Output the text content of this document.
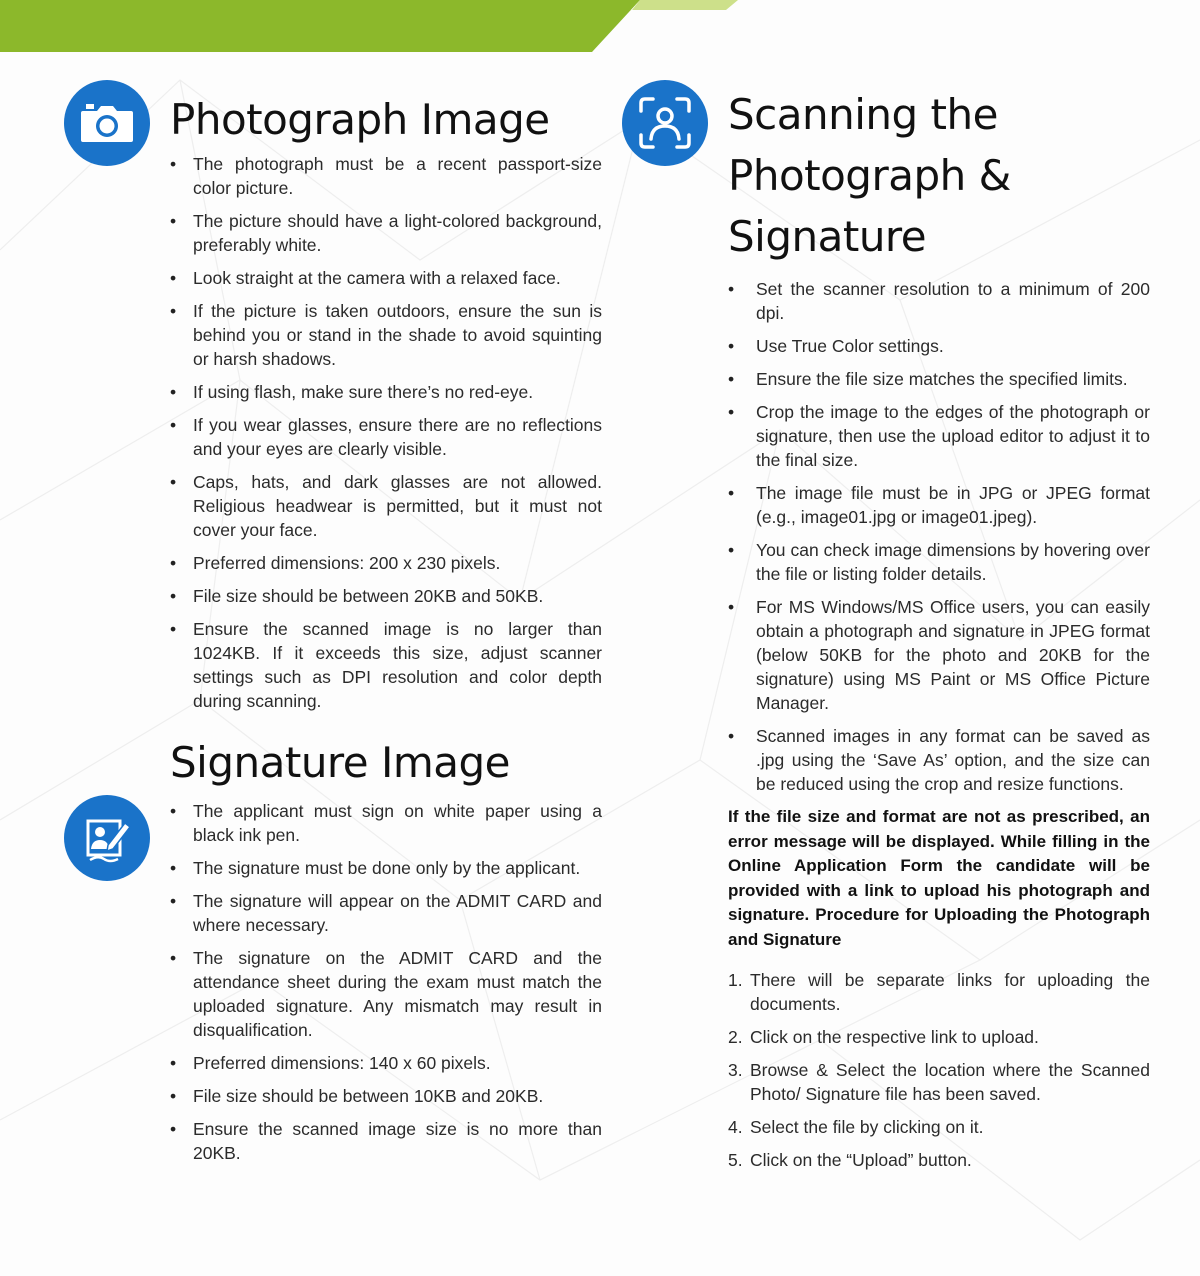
Photograph Image
• The photograph must be a recent passport-size color picture.
• The picture should have a light-colored background, preferably white.
• Look straight at the camera with a relaxed face.
• If the picture is taken outdoors, ensure the sun is behind you or stand in the shade to avoid squinting or harsh shadows.
• If using flash, make sure there’s no red-eye.
• If you wear glasses, ensure there are no reflections and your eyes are clearly visible.
• Caps, hats, and dark glasses are not allowed. Religious headwear is permitted, but it must not cover your face.
• Preferred dimensions: 200 x 230 pixels.
• File size should be between 20KB and 50KB.
• Ensure the scanned image is no larger than 1024KB. If it exceeds this size, adjust scanner settings such as DPI resolution and color depth during scanning.
Signature Image
• The applicant must sign on white paper using a black ink pen.
• The signature must be done only by the applicant.
• The signature will appear on the ADMIT CARD and where necessary.
• The signature on the ADMIT CARD and the attendance sheet during the exam must match the uploaded signature. Any mismatch may result in disqualification.
• Preferred dimensions: 140 x 60 pixels.
• File size should be between 10KB and 20KB.
• Ensure the scanned image size is no more than 20KB.
Scanning the
Photograph &
Signature
• Set the scanner resolution to a minimum of 200 dpi.
• Use True Color settings.
• Ensure the file size matches the specified limits.
• Crop the image to the edges of the photograph or signature, then use the upload editor to adjust it to the final size.
• The image file must be in JPG or JPEG format (e.g., image01.jpg or image01.jpeg).
• You can check image dimensions by hovering over the file or listing folder details.
• For MS Windows/MS Office users, you can easily obtain a photograph and signature in JPEG format (below 50KB for the photo and 20KB for the signature) using MS Paint or MS Office Picture Manager.
• Scanned images in any format can be saved as .jpg using the ‘Save As’ option, and the size can be reduced using the crop and resize functions.

If the file size and format are not as prescribed, an error message will be displayed. While filling in the Online Application Form the candidate will be provided with a link to upload his photograph and signature. Procedure for Uploading the Photograph and Signature

1. There will be separate links for uploading the documents.
2. Click on the respective link to upload.
3. Browse & Select the location where the Scanned Photo/ Signature file has been saved.
4. Select the file by clicking on it.
5. Click on the “Upload” button.
